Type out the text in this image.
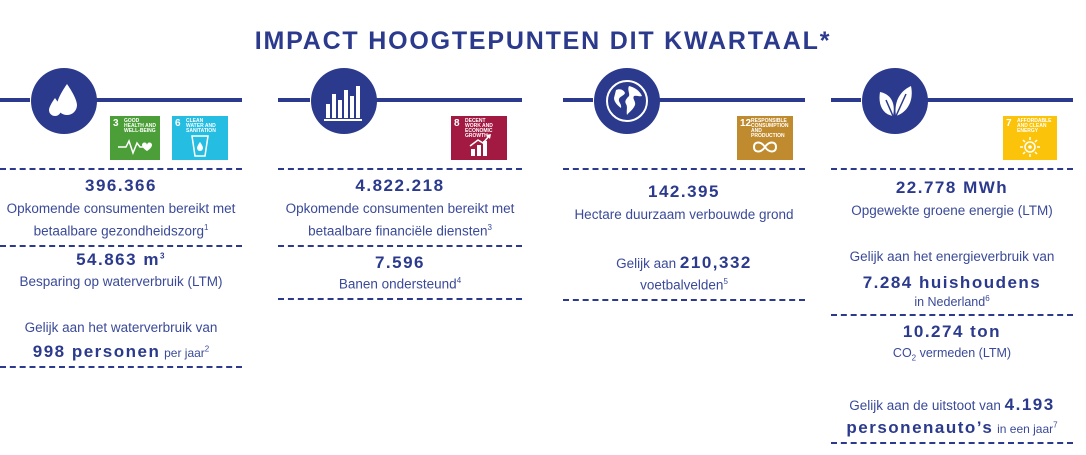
IMPACT HOOGTEPUNTEN DIT KWARTAAL*
3 GOOD HEALTH AND WELL-BEING
6 CLEAN WATER AND SANITATION
396.366
Opkomende consumenten bereikt met
betaalbare gezondheidszorg$^1$
54.863 $m^3$
Besparing op waterverbruik (LTM)
Gelijk aan het waterverbruik van
998 personen per jaar$^2$
8 DECENT WORK AND ECONOMIC GROWTH
4.822.218
Opkomende consumenten bereikt met
betaalbare financiële diensten$^3$
7.596
Banen ondersteund$^4$
12 RESPONSIBLE CONSUMPTION AND PRODUCTION
142.395
Hectare duurzaam verbouwde grond
Gelijk aan 210,332
voetbalvelden$^5$
7 AFFORDABLE AND CLEAN ENERGY
22.778 MWh
Opgewekte groene energie (LTM)
Gelijk aan het energieverbruik van
7.284 huishoudens
in Nederland$^6$
10.274 ton
$CO_2$ vermeden (LTM)
Gelijk aan de uitstoot van 4.193
personenauto’s in een jaar$^7$
